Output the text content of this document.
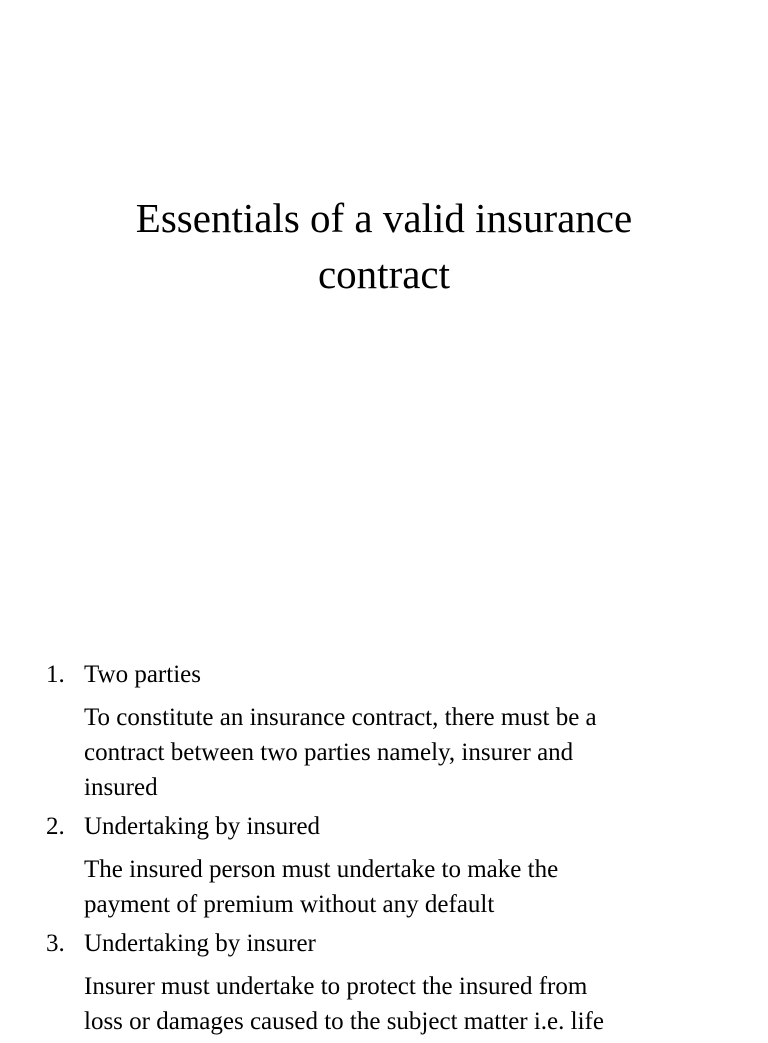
Essentials of a valid insurance
contract
1. Two parties
To constitute an insurance contract, there must be a
contract between two parties namely, insurer and
insured
2. Undertaking by insured
The insured person must undertake to make the
payment of premium without any default
3. Undertaking by insurer
Insurer must undertake to protect the insured from
loss or damages caused to the subject matter i.e. life
